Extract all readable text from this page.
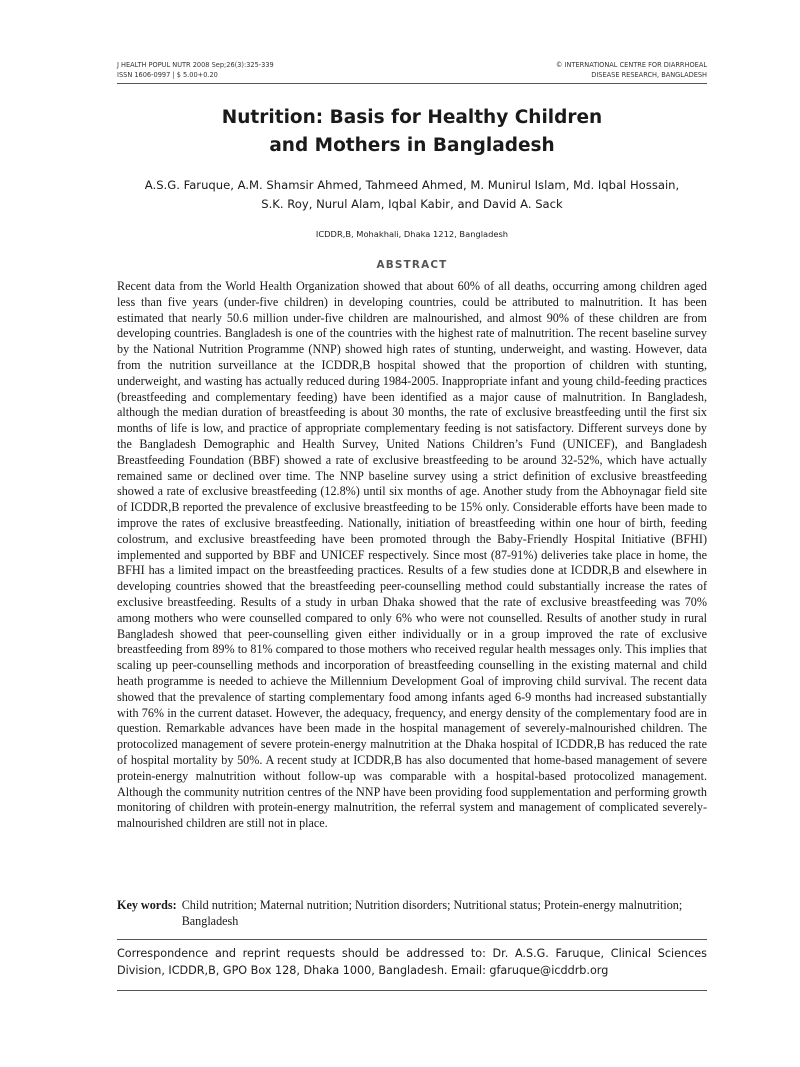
J HEALTH POPUL NUTR 2008 Sep;26(3):325-339
ISSN 1606-0997 | $ 5.00+0.20
© INTERNATIONAL CENTRE FOR DIARRHOEAL
DISEASE RESEARCH, BANGLADESH
Nutrition: Basis for Healthy Children
and Mothers in Bangladesh
A.S.G. Faruque, A.M. Shamsir Ahmed, Tahmeed Ahmed, M. Munirul Islam, Md. Iqbal Hossain,
S.K. Roy, Nurul Alam, Iqbal Kabir, and David A. Sack
ICDDR,B, Mohakhali, Dhaka 1212, Bangladesh
ABSTRACT

Recent data from the World Health Organization showed that about 60% of all deaths, occurring among children aged less than five years (under-five children) in developing countries, could be attributed to malnutrition. It has been estimated that nearly 50.6 million under-five children are malnourished, and almost 90% of these children are from developing countries. Bangladesh is one of the countries with the highest rate of malnutrition. The recent baseline survey by the National Nutrition Programme (NNP) showed high rates of stunting, underweight, and wasting. However, data from the nutrition surveillance at the ICDDR,B hospital showed that the proportion of children with stunting, underweight, and wasting has actually reduced during 1984-2005. Inappropriate infant and young child-feeding practices (breastfeeding and complementary feeding) have been identified as a major cause of malnutrition. In Bangladesh, although the median duration of breastfeeding is about 30 months, the rate of exclusive breastfeeding until the first six months of life is low, and practice of appropriate complementary feeding is not satisfactory. Different surveys done by the Bangladesh Demographic and Health Survey, United Nations Children’s Fund (UNICEF), and Bangladesh Breastfeeding Foundation (BBF) showed a rate of exclusive breastfeeding to be around 32-52%, which have actually remained same or declined over time. The NNP baseline survey using a strict definition of exclusive breastfeeding showed a rate of exclusive breastfeeding (12.8%) until six months of age. Another study from the Abhoynagar field site of ICDDR,B reported the prevalence of exclusive breastfeeding to be 15% only. Considerable efforts have been made to improve the rates of exclusive breastfeeding. Nationally, initiation of breastfeeding within one hour of birth, feeding colostrum, and exclusive breastfeeding have been promoted through the Baby-Friendly Hospital Initiative (BFHI) implemented and supported by BBF and UNICEF respectively. Since most (87-91%) deliveries take place in home, the BFHI has a limited impact on the breastfeeding practices. Results of a few studies done at ICDDR,B and elsewhere in developing countries showed that the breastfeeding peer-counselling method could substantially increase the rates of exclusive breastfeeding. Results of a study in urban Dhaka showed that the rate of exclusive breastfeeding was 70% among mothers who were counselled compared to only 6% who were not counselled. Results of another study in rural Bangladesh showed that peer-counselling given either individually or in a group improved the rate of exclusive breastfeeding from 89% to 81% compared to those mothers who received regular health messages only. This implies that scaling up peer-counselling methods and incorporation of breastfeeding counselling in the existing maternal and child heath programme is needed to achieve the Millennium Development Goal of improving child survival. The recent data showed that the prevalence of starting complementary food among infants aged 6-9 months had increased substantially with 76% in the current dataset. However, the adequacy, frequency, and energy density of the complementary food are in question. Remarkable advances have been made in the hospital management of severely-malnourished children. The protocolized management of severe protein-energy malnutrition at the Dhaka hospital of ICDDR,B has reduced the rate of hospital mortality by 50%. A recent study at ICDDR,B has also documented that home-based management of severe protein-energy malnutrition without follow-up was comparable with a hospital-based protocolized management. Although the community nutrition centres of the NNP have been providing food supplementation and performing growth monitoring of children with protein-energy malnutrition, the referral system and management of complicated severely-malnourished children are still not in place.

Key words: Child nutrition; Maternal nutrition; Nutrition disorders; Nutritional status; Protein-energy malnutrition; Bangladesh

Correspondence and reprint requests should be addressed to: Dr. A.S.G. Faruque, Clinical Sciences Division, ICDDR,B, GPO Box 128, Dhaka 1000, Bangladesh. Email: gfaruque@icddrb.org
